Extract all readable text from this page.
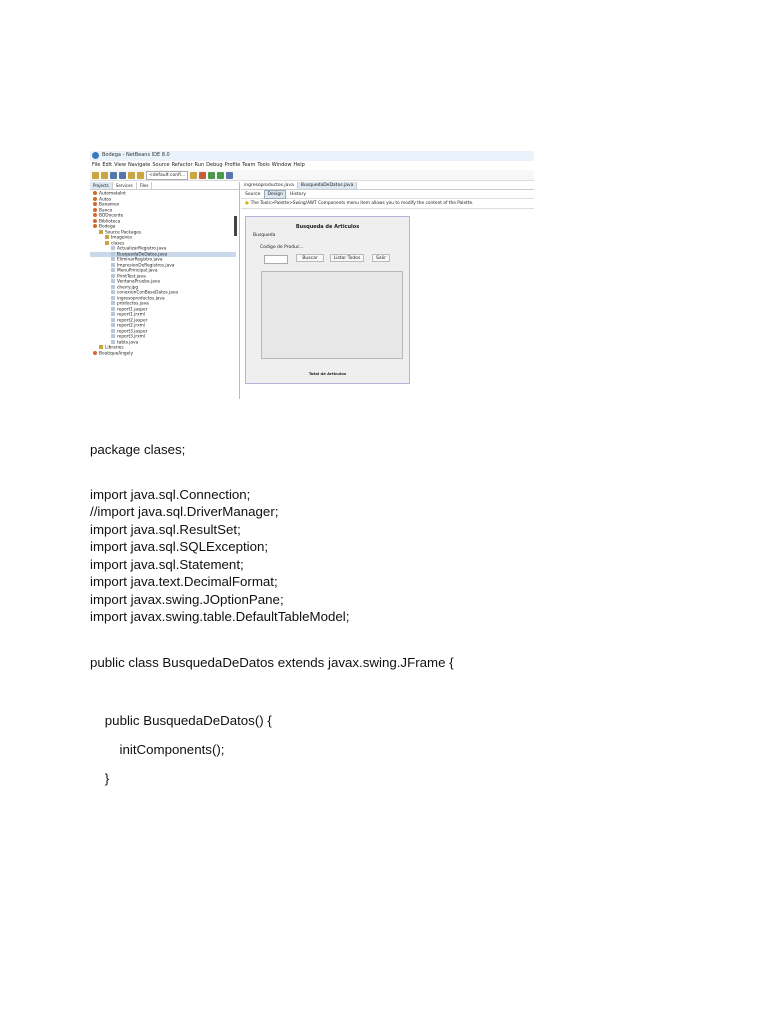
Bodega - NetBeans IDE 8.0
File Edit View Navigate Source Refactor Run Debug Profile Team Tools Window Help
<default confi...
Projects	Services	Files
AutomataInt
Autos
Banamex
Banco
BDDocente
Biblioteca
Bodega
Source Packages
Imagenes
clases
ActualizarRegistro.java
BusquedaDeDatos.java
EliminarRegistro.java
ImpresionDeRegistros.java
MenuPrincipal.java
PrintTest.java
VentanaPrueba.java
cherry.jpg
conexionConBaseDatos.java
ingresoproductos.java
productos.java
report1.jasper
report1.jrxml
report2.jasper
report2.jrxml
report3.jasper
report3.jrxml
tabla.java
Libraries
BoutiqueAngely
ingresoproductos.java	BusquedaDeDatos.java
Source	Design	History
● The Tools>Palette>Swing/AWT Components menu item allows you to modify the content of the Palette.
Busqueda de Articulos
Busqueda
Codigo de Produc...
Buscar	Listar Todos	Salir
Total de Articulos
package clases;
import java.sql.Connection;
//import java.sql.DriverManager;
import java.sql.ResultSet;
import java.sql.SQLException;
import java.sql.Statement;
import java.text.DecimalFormat;
import javax.swing.JOptionPane;
import javax.swing.table.DefaultTableModel;
public class BusquedaDeDatos extends javax.swing.JFrame {
public BusquedaDeDatos() {
initComponents();
}
